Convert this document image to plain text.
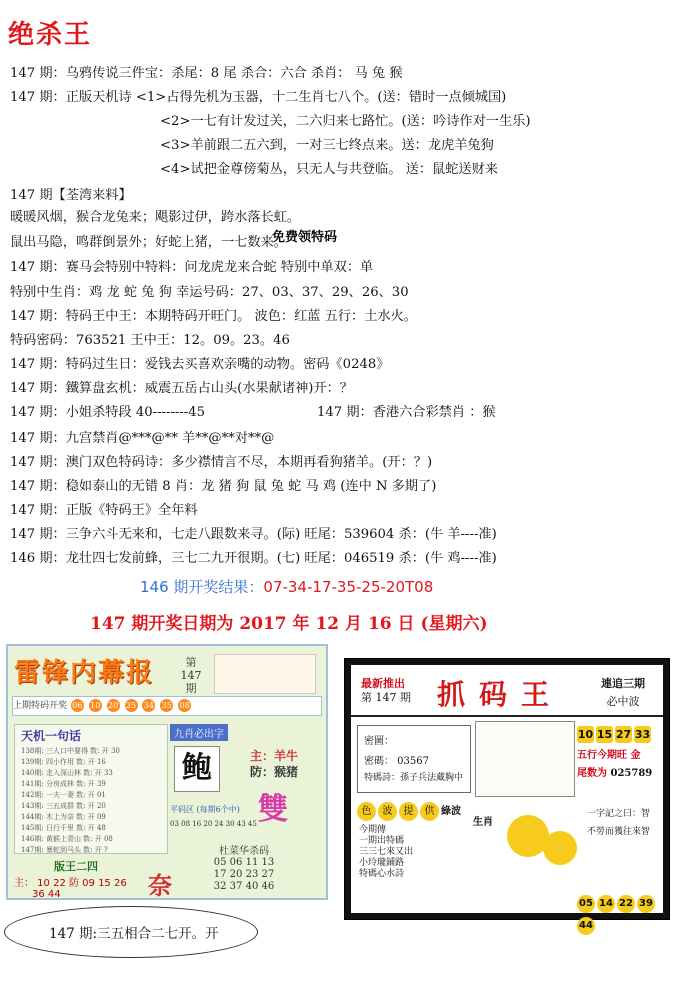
绝杀王
147 期：乌鸦传说三件宝：杀尾：8 尾 杀合：六合 杀肖： 马 兔 猴
147 期：正版天机诗 <1>占得先机为玉器，十二生肖七八个。(送：错时一点倾城国)
<2>一七有计发过关，二六归来七路忙。(送：吟诗作对一生乐)
<3>羊前跟二五六到，一对三七终点来。送：龙虎羊兔狗
<4>试把金尊傍菊丛，只无人与共登临。 送：鼠蛇送财来
147 期【荃湾来料】
暖暖风烟，猴合龙兔来；飓影过伊，跨水落长虹。
鼠出马隐，鸣群倒景外；好蛇上猪，一七数来。
免费领特码
147 期：赛马会特别中特料：问龙虎龙来合蛇 特别中单双：单
特别中生肖：鸡 龙 蛇 兔 狗 幸运号码：27、03、37、29、26、30
147 期：特码王中王：本期特码开旺门。 波色：红蓝 五行：土水火。
特码密码：763521 王中王：12。09。23。46
147 期：特码过生日：爱钱去买喜欢亲嘴的动物。密码《0248》
147 期：鐵算盘玄机：威震五岳占山头(水果献诸神)开：？
147 期：小姐杀特段 40--------45	147 期：香港六合彩禁肖 ：猴
147 期：九宫禁肖@***@** 羊**@**对**@
147 期：澳门双色特码诗：多少襟情言不尽，本期再看狗猪羊。(开：？)
147 期：稳如泰山的无错 8 肖：龙 猪 狗 鼠 兔 蛇 马 鸡 (连中 N 多期了)
147 期：正版《特码王》全年料
147 期：三争六斗无来和，七走八跟数来寻。(际) 旺尾：539604 杀：(牛 羊----准)
146 期：龙壮四七发前蜂，三七二九开很期。(七) 旺尾：046519 杀：(牛 鸡----准)
146 期开奖结果：07-34-17-35-25-20T08
147 期开奖日期为 2017 年 12 月 16 日 (星期六)
雷锋内幕报	第 147 期
上期特码开奖 06 10 20 25 34 35 08
天机一句话
138期: 三人口中要得 数: 开 30
139期: 四小作用 数: 开 16
140期: 走入深山林 数: 开 33
141期: 分房成林 数: 开 39
142期: 一夫一妻 数: 开 01
143期: 三五成群 数: 开 20
144期: 木上为奈 数: 开 09
145期: 日行千里 数: 开 48
146期: 黄猴上青山 数: 开 08
147期: 暴蛇到马头 数: 开 ?
九肖必出字
鲍	主：羊牛
防：猴猪
雙
平码区 (每期6个中)
03 08 16 20 24 30 43 45
版王二四
主： 10 22 防 09 15 26
36 44	奈
杜菜华杀码
05 06 11 13
17 20 23 27
32 37 40 46
147 期:三五相合二七开。开
最新推出
第 147 期 抓码王	連追三期
必中波
密圖：
密碼： 03567
特碼詩：孫子兵法藏胸中
10 15 27 33
五行今期旺 金
尾数为 025789
色 波 提 供 綠波
今期傳
一期出特碼
三三七來又出
小玲瓏鋪路
特碼心水詩
生肖
一字記之曰：智
不勞而獲往來智
05 14 22 3944
